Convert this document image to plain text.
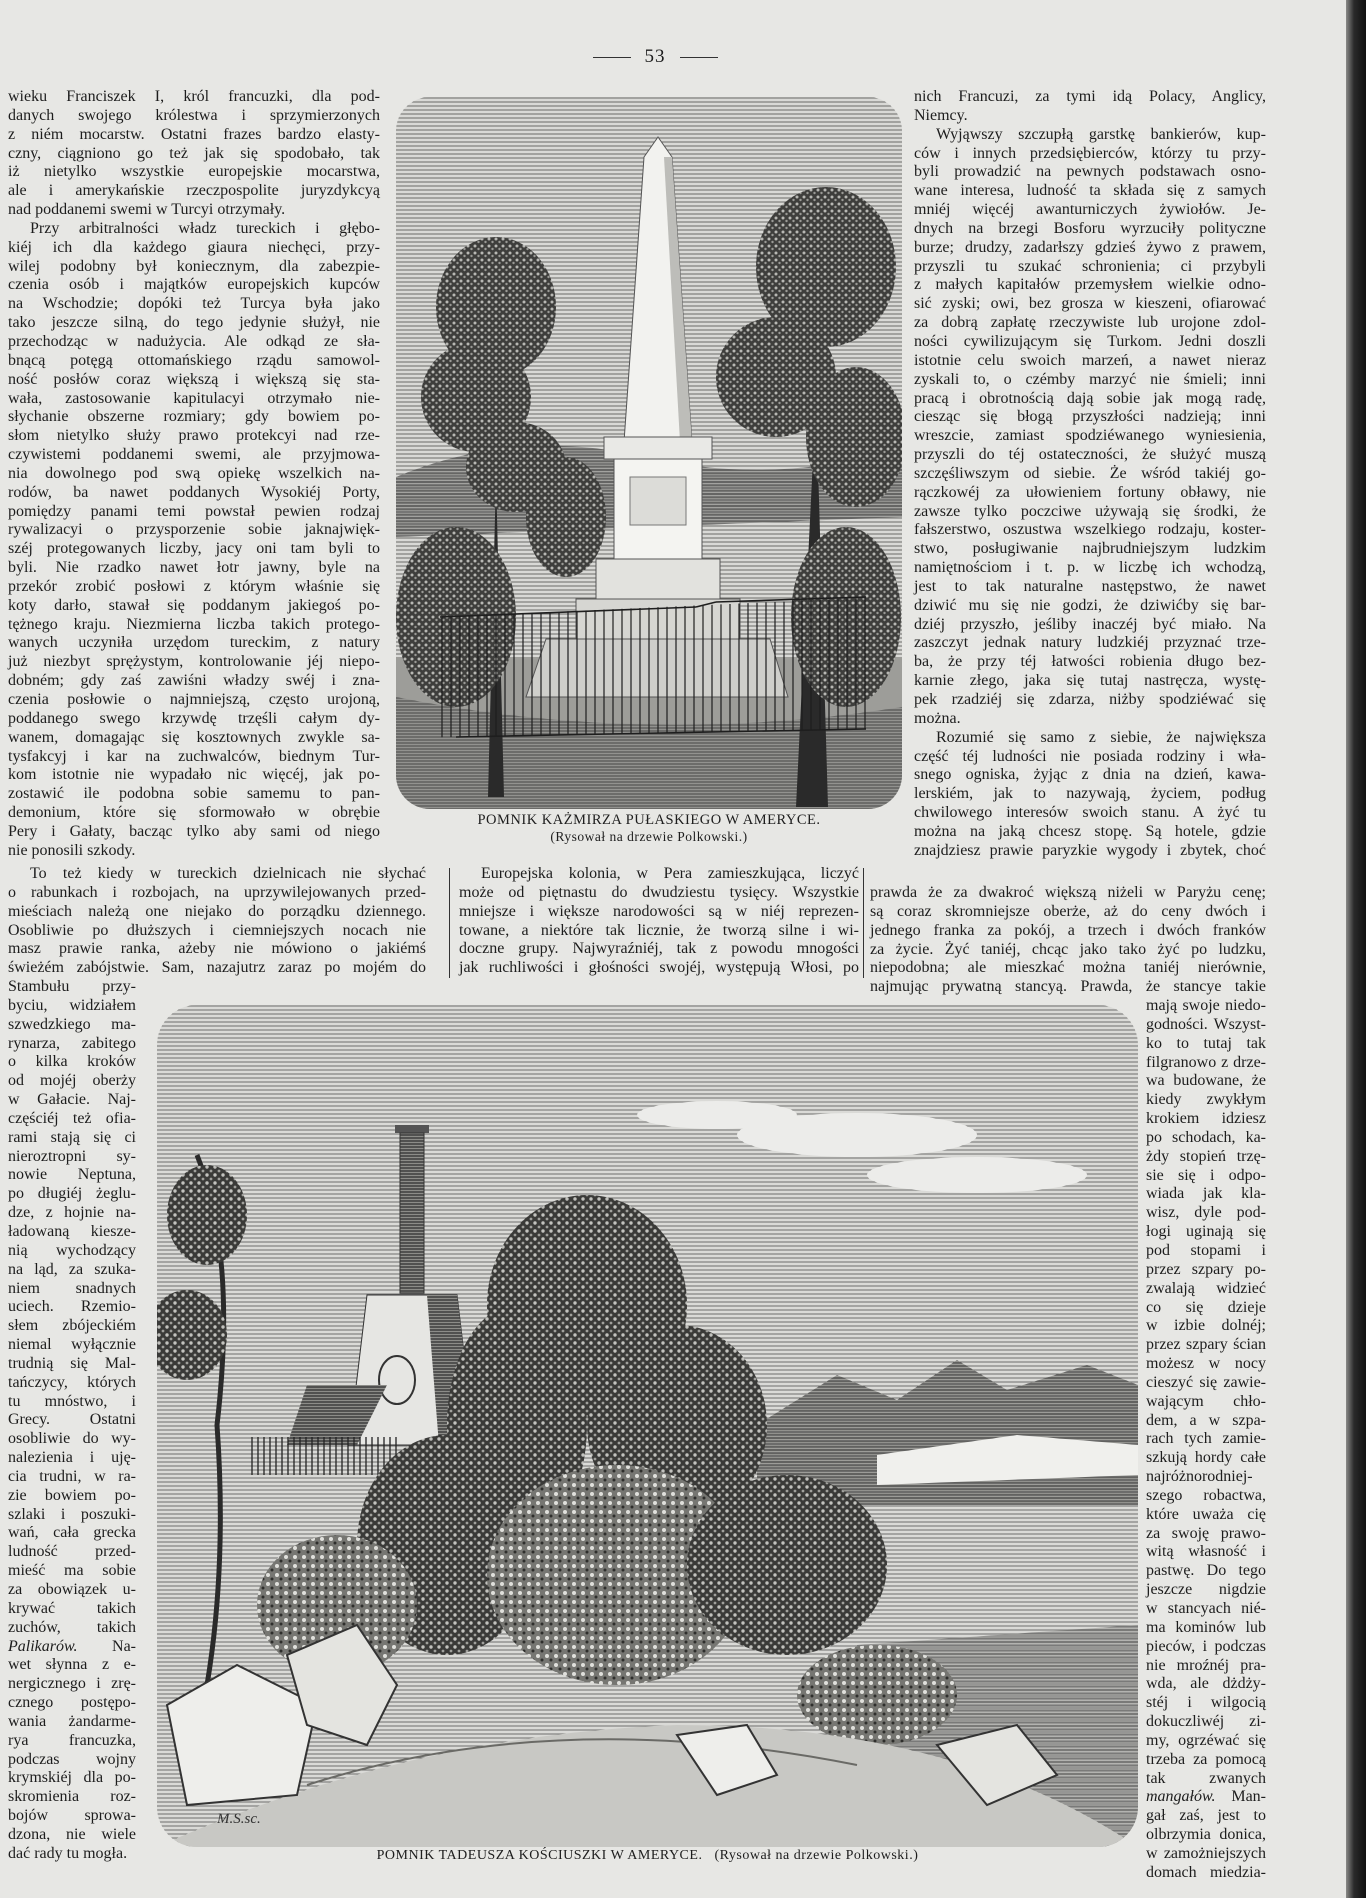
53
wieku Franciszek I, król francuzki, dla pod-
danych swojego królestwa i sprzymierzonych
z niém mocarstw. Ostatni frazes bardzo elasty-
czny, ciągniono go też jak się spodobało, tak
iż nietylko wszystkie europejskie mocarstwa,
ale i amerykańskie rzeczpospolite juryzdykcyą
nad poddanemi swemi w Turcyi otrzymały.
Przy arbitralności władz tureckich i głębo-
kiéj ich dla każdego giaura niechęci, przy-
wilej podobny był koniecznym, dla zabezpie-
czenia osób i majątków europejskich kupców
na Wschodzie; dopóki też Turcya była jako
tako jeszcze silną, do tego jedynie służył, nie
przechodząc w nadużycia. Ale odkąd ze sła-
bnącą potęgą ottomańskiego rządu samowol-
ność posłów coraz większą i większą się sta-
wała, zastosowanie kapitulacyi otrzymało nie-
słychanie obszerne rozmiary; gdy bowiem po-
słom nietylko służy prawo protekcyi nad rze-
czywistemi poddanemi swemi, ale przyjmowa-
nia dowolnego pod swą opiekę wszelkich na-
rodów, ba nawet poddanych Wysokiéj Porty,
pomiędzy panami temi powstał pewien rodzaj
rywalizacyi o przysporzenie sobie jaknajwięk-
széj protegowanych liczby, jacy oni tam byli to
byli. Nie rzadko nawet łotr jawny, byle na
przekór zrobić posłowi z którym właśnie się
koty darło, stawał się poddanym jakiegoś po-
tężnego kraju. Niezmierna liczba takich protego-
wanych uczyniła urzędom tureckim, z natury
już niezbyt sprężystym, kontrolowanie jéj niepo-
dobném; gdy zaś zawiśni władzy swéj i zna-
czenia posłowie o najmniejszą, często urojoną,
poddanego swego krzywdę trzęśli całym dy-
wanem, domagając się kosztownych zwykle sa-
tysfakcyj i kar na zuchwalców, biednym Tur-
kom istotnie nie wypadało nic więcéj, jak po-
zostawić ile podobna sobie samemu to pan-
demonium, które się sformowało w obrębie
Pery i Gałaty, bacząc tylko aby sami od niego
nie ponosili szkody.
To też kiedy w tureckich dzielnicach nie słychać
o rabunkach i rozbojach, na uprzywilejowanych przed-
mieściach należą one niejako do porządku dziennego.
Osobliwie po dłuższych i ciemniejszych nocach nie
masz prawie ranka, ażeby nie mówiono o jakiémś
świeżém zabójstwie. Sam, nazajutrz zaraz po mojém do
Stambułu przy-
byciu, widziałem
szwedzkiego ma-
rynarza, zabitego
o kilka kroków
od mojéj oberży
w Gałacie. Naj-
częściéj też ofia-
rami stają się ci
nieroztropni sy-
nowie Neptuna,
po długiéj żeglu-
dze, z hojnie na-
ładowaną kiesze-
nią wychodzący
na ląd, za szuka-
niem snadnych
uciech. Rzemio-
słem zbójeckiém
niemal wyłącznie
trudnią się Mal-
tańczycy, których
tu mnóstwo, i
Grecy. Ostatni
osobliwie do wy-
nalezienia i uję-
cia trudni, w ra-
zie bowiem po-
szlaki i poszuki-
wań, cała grecka
ludność przed-
mieść ma sobie
za obowiązek u-
krywać takich
zuchów, takich
Palikarów. Na-
wet słynna z e-
nergicznego i zrę-
cznego postępo-
wania żandarme-
rya francuzka,
podczas wojny
krymskiéj dla po-
skromienia roz-
bojów sprowa-
dzona, nie wiele
dać rady tu mogła.
Europejska kolonia, w Pera zamieszkująca, liczyć
może od piętnastu do dwudziestu tysięcy. Wszystkie
mniejsze i większe narodowości są w niéj reprezen-
towane, a niektóre tak licznie, że tworzą silne i wi-
doczne grupy. Najwyraźniéj, tak z powodu mnogości
jak ruchliwości i głośności swojéj, występują Włosi, po
nich Francuzi, za tymi idą Polacy, Anglicy,
Niemcy.
Wyjąwszy szczupłą garstkę bankierów, kup-
ców i innych przedsiębierców, którzy tu przy-
byli prowadzić na pewnych podstawach osno-
wane interesa, ludność ta składa się z samych
mniéj więcéj awanturniczych żywiołów. Je-
dnych na brzegi Bosforu wyrzuciły polityczne
burze; drudzy, zadarłszy gdzieś żywo z prawem,
przyszli tu szukać schronienia; ci przybyli
z małych kapitałów przemysłem wielkie odno-
sić zyski; owi, bez grosza w kieszeni, ofiarować
za dobrą zapłatę rzeczywiste lub urojone zdol-
ności cywilizującym się Turkom. Jedni doszli
istotnie celu swoich marzeń, a nawet nieraz
zyskali to, o czémby marzyć nie śmieli; inni
pracą i obrotnością dają sobie jak mogą radę,
ciesząc się błogą przyszłości nadzieją; inni
wreszcie, zamiast spodziéwanego wyniesienia,
przyszli do téj ostateczności, że służyć muszą
szczęśliwszym od siebie. Że wśród takiéj go-
rączkowéj za ułowieniem fortuny obławy, nie
zawsze tylko poczciwe używają się środki, że
fałszerstwo, oszustwa wszelkiego rodzaju, koster-
stwo, posługiwanie najbrudniejszym ludzkim
namiętnościom i t. p. w liczbę ich wchodzą,
jest to tak naturalne następstwo, że nawet
dziwić mu się nie godzi, że dziwićby się bar-
dziéj przyszło, jeśliby inaczéj być miało. Na
zaszczyt jednak natury ludzkiéj przyznać trze-
ba, że przy téj łatwości robienia długo bez-
karnie złego, jaka się tutaj nastręcza, wystę-
pek rzadziéj się zdarza, niżby spodziéwać się
można.
Rozumié się samo z siebie, że największa
część téj ludności nie posiada rodziny i wła-
snego ogniska, żyjąc z dnia na dzień, kawa-
lerskiém, jak to nazywają, życiem, podług
chwilowego interesów swoich stanu. A żyć tu
można na jaką chcesz stopę. Są hotele, gdzie
znajdziesz prawie paryzkie wygody i zbytek, choć
prawda że za dwakroć większą niżeli w Paryżu cenę;
są coraz skromniejsze oberże, aż do ceny dwóch i
jednego franka za pokój, a trzech i dwóch franków
za życie. Żyć taniéj, chcąc jako tako żyć po ludzku,
niepodobna; ale mieszkać można taniéj nierównie,
najmując prywatną stancyą. Prawda, że stancye takie
mają swoje niedo-
godności. Wszyst-
ko to tutaj tak
filgranowo z drze-
wa budowane, że
kiedy zwykłym
krokiem idziesz
po schodach, ka-
żdy stopień trzę-
sie się i odpo-
wiada jak kla-
wisz, dyle pod-
łogi uginają się
pod stopami i
przez szpary po-
zwalają widzieć
co się dzieje
w izbie dolnéj;
przez szpary ścian
możesz w nocy
cieszyć się zawie-
wającym chło-
dem, a w szpa-
rach tych zamie-
szkują hordy całe
najróżnorodniej-
szego robactwa,
które uważa cię
za swoję prawo-
witą własność i
pastwę. Do tego
jeszcze nigdzie
w stancyach nié-
ma kominów lub
pieców, i podczas
nie mroźnéj pra-
wda, ale dżdży-
stéj i wilgocią
dokuczliwéj zi-
my, ogrzéwać się
trzeba za pomocą
tak zwanych
mangałów. Man-
gał zaś, jest to
olbrzymia donica,
w zamożniejszych
domach miedzia-
POMNIK KAŻMIRZA PUŁASKIEGO W AMERYCE.
(Rysował na drzewie Polkowski.)
M.S.sc.
POMNIK TADEUSZA KOŚCIUSZKI W AMERYCE. (Rysował na drzewie Polkowski.)
